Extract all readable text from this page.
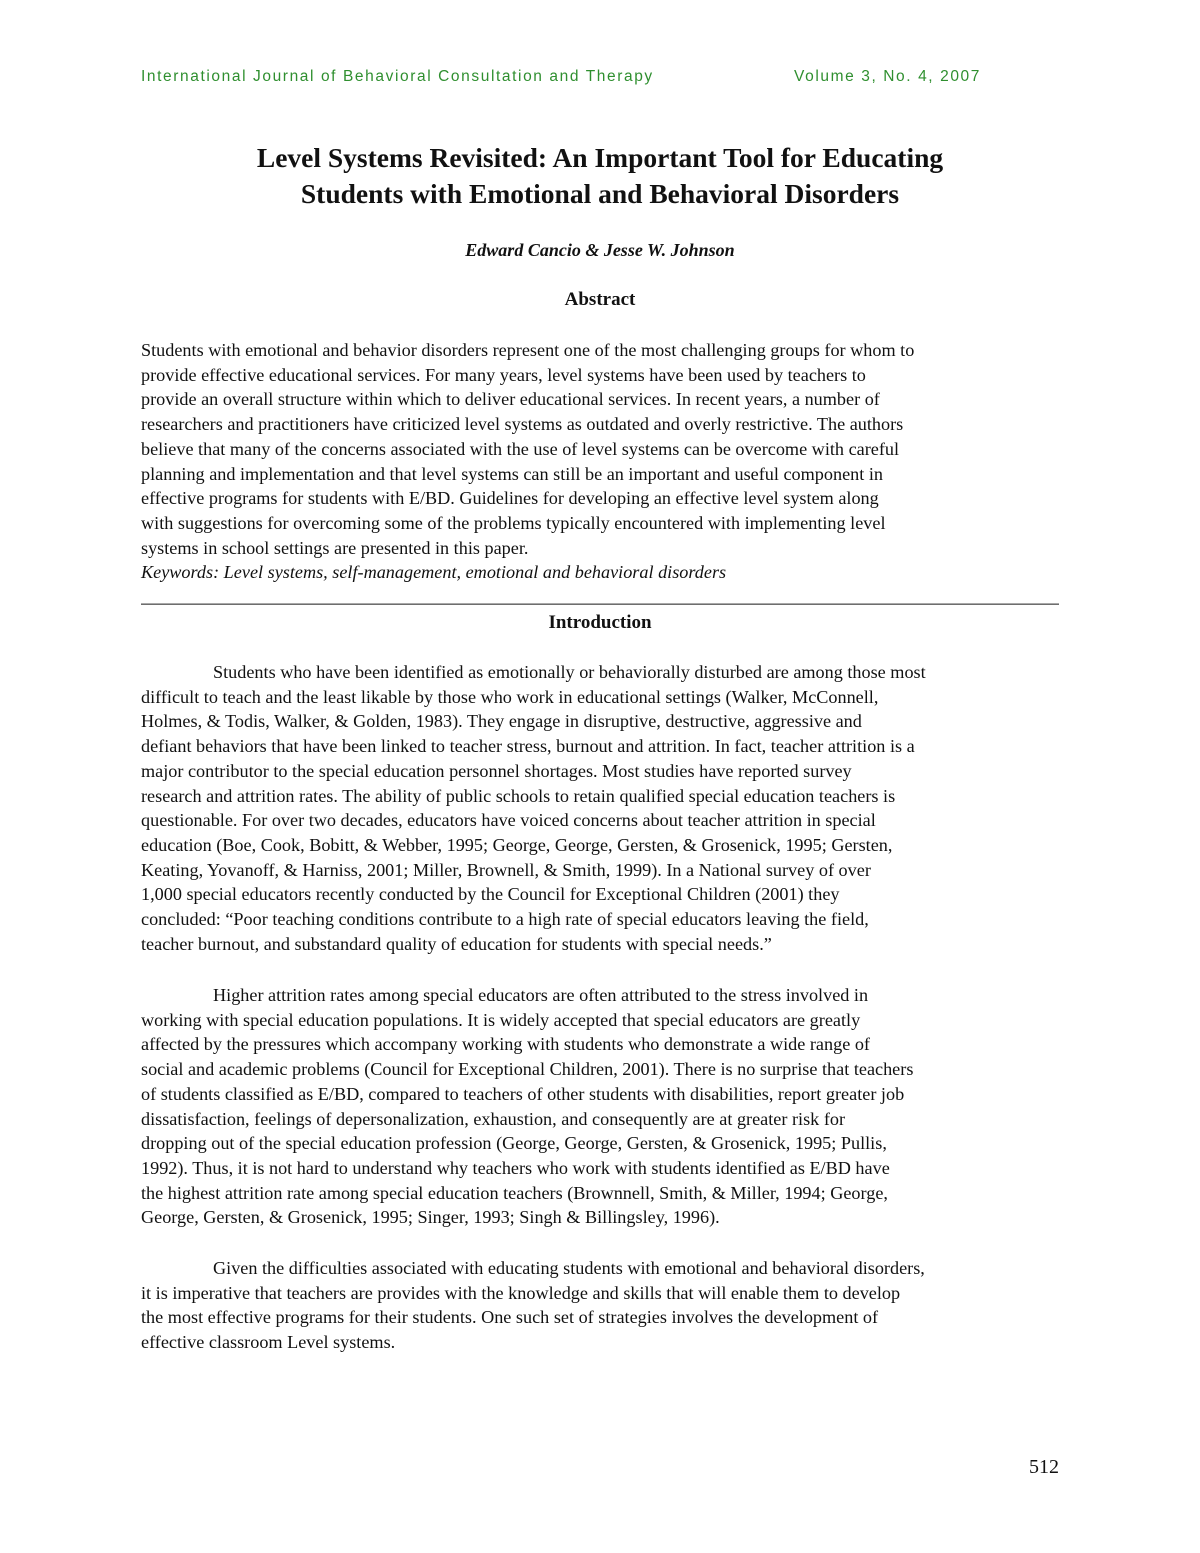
International Journal of Behavioral Consultation and Therapy	Volume 3, No. 4, 2007
Level Systems Revisited: An Important Tool for Educating
Students with Emotional and Behavioral Disorders
Edward Cancio & Jesse W. Johnson
Abstract
Students with emotional and behavior disorders represent one of the most challenging groups for whom to
provide effective educational services. For many years, level systems have been used by teachers to
provide an overall structure within which to deliver educational services. In recent years, a number of
researchers and practitioners have criticized level systems as outdated and overly restrictive. The authors
believe that many of the concerns associated with the use of level systems can be overcome with careful
planning and implementation and that level systems can still be an important and useful component in
effective programs for students with E/BD. Guidelines for developing an effective level system along
with suggestions for overcoming some of the problems typically encountered with implementing level
systems in school settings are presented in this paper.
Keywords: Level systems, self-management, emotional and behavioral disorders
Introduction
Students who have been identified as emotionally or behaviorally disturbed are among those most
difficult to teach and the least likable by those who work in educational settings (Walker, McConnell,
Holmes, & Todis, Walker, & Golden, 1983). They engage in disruptive, destructive, aggressive and
defiant behaviors that have been linked to teacher stress, burnout and attrition. In fact, teacher attrition is a
major contributor to the special education personnel shortages. Most studies have reported survey
research and attrition rates. The ability of public schools to retain qualified special education teachers is
questionable. For over two decades, educators have voiced concerns about teacher attrition in special
education (Boe, Cook, Bobitt, & Webber, 1995; George, George, Gersten, & Grosenick, 1995; Gersten,
Keating, Yovanoff, & Harniss, 2001; Miller, Brownell, & Smith, 1999). In a National survey of over
1,000 special educators recently conducted by the Council for Exceptional Children (2001) they
concluded: “Poor teaching conditions contribute to a high rate of special educators leaving the field,
teacher burnout, and substandard quality of education for students with special needs.”
Higher attrition rates among special educators are often attributed to the stress involved in
working with special education populations. It is widely accepted that special educators are greatly
affected by the pressures which accompany working with students who demonstrate a wide range of
social and academic problems (Council for Exceptional Children, 2001). There is no surprise that teachers
of students classified as E/BD, compared to teachers of other students with disabilities, report greater job
dissatisfaction, feelings of depersonalization, exhaustion, and consequently are at greater risk for
dropping out of the special education profession (George, George, Gersten, & Grosenick, 1995; Pullis,
1992). Thus, it is not hard to understand why teachers who work with students identified as E/BD have
the highest attrition rate among special education teachers (Brownnell, Smith, & Miller, 1994; George,
George, Gersten, & Grosenick, 1995; Singer, 1993; Singh & Billingsley, 1996).
Given the difficulties associated with educating students with emotional and behavioral disorders,
it is imperative that teachers are provides with the knowledge and skills that will enable them to develop
the most effective programs for their students. One such set of strategies involves the development of
effective classroom Level systems.
512
